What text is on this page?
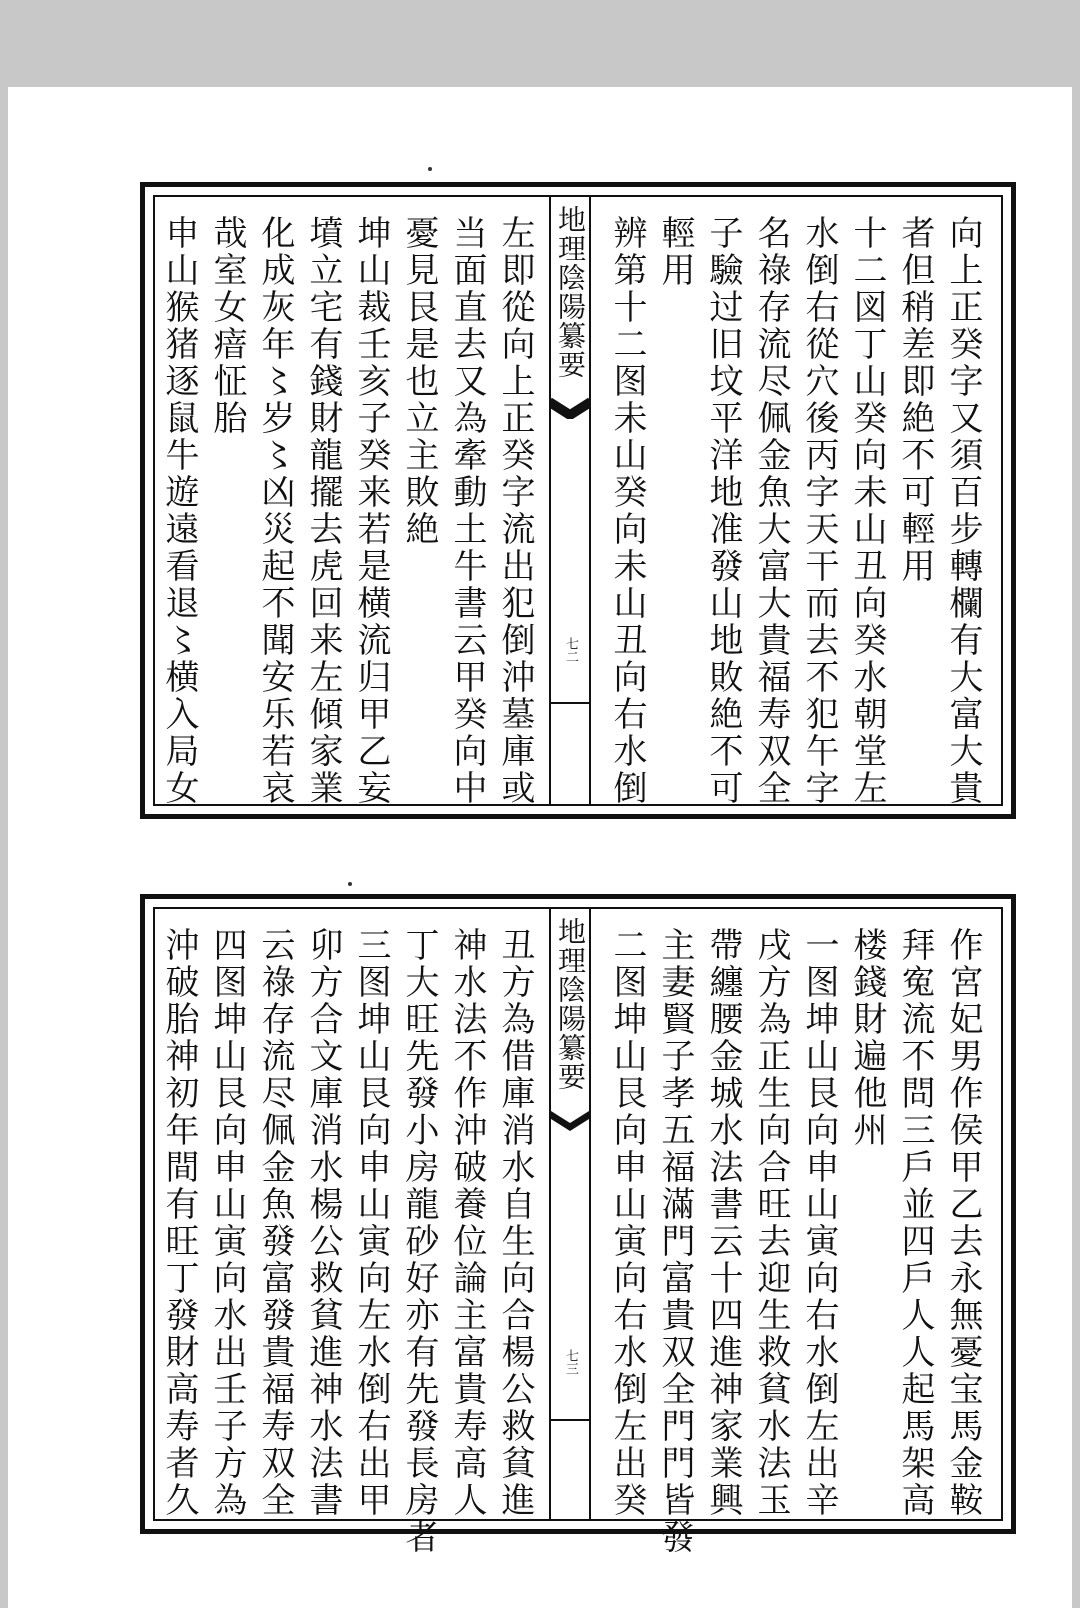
向上正癸字又須百步轉欄有大富大貴
者但稍差即絶不可輕用
十二図丁山癸向未山丑向癸水朝堂左
水倒右從穴後丙字天干而去不犯午字
名祿存流尽佩金魚大富大貴福寿双全
子驗过旧坟平洋地准發山地敗絶不可
輕用
辨第十二图未山癸向未山丑向右水倒
地理陰陽纂要
七二
左即從向上正癸字流出犯倒沖墓庫或
当面直去又為牽動土牛書云甲癸向中
憂見艮是也立主敗絶
坤山裁壬亥子癸来若是横流归甲乙妄
墳立宅有錢財龍擺去虎回来左傾家業
化成灰年〻岁〻凶災起不聞安乐若哀
哉室女瘖怔胎
申山猴猪逐鼠牛遊遠看退〻横入局女
作宮妃男作侯甲乙去永無憂宝馬金鞍
拜寃流不問三戶並四戶人人起馬架高
楼錢財遍他州
一图坤山艮向申山寅向右水倒左出辛
戌方為正生向合旺去迎生救貧水法玉
帶纏腰金城水法書云十四進神家業興
主妻賢子孝五福滿門富貴双全門門皆發
二图坤山艮向申山寅向右水倒左出癸
地理陰陽纂要
七三
丑方為借庫消水自生向合楊公救貧進
神水法不作沖破養位論主富貴寿高人
丁大旺先發小房龍砂好亦有先發長房者
三图坤山艮向申山寅向左水倒右出甲
卯方合文庫消水楊公救貧進神水法書
云祿存流尽佩金魚發富發貴福寿双全
四图坤山艮向申山寅向水出壬子方為
沖破胎神初年間有旺丁發財高寿者久
